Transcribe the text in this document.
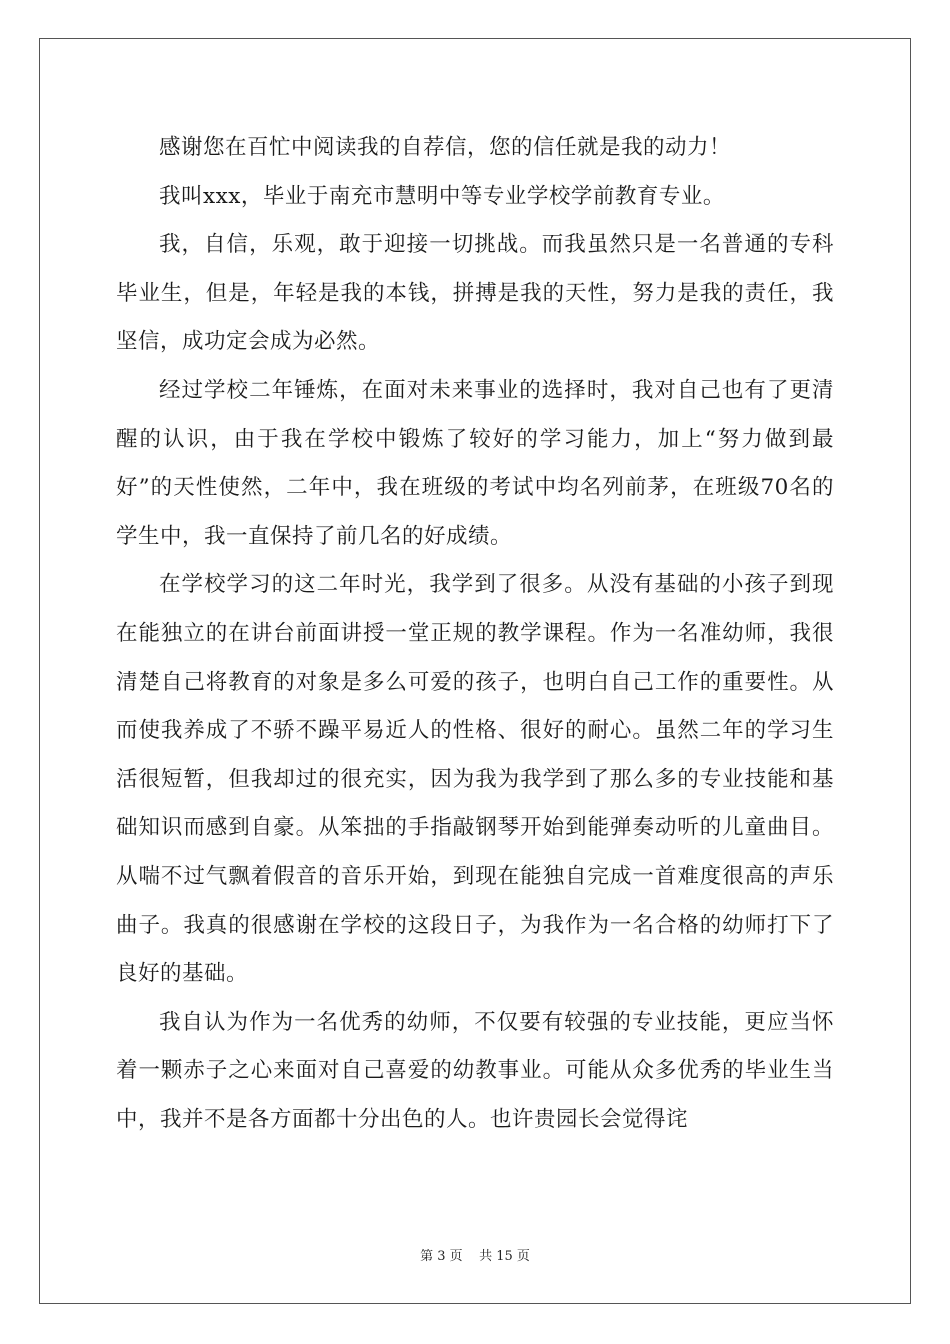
感谢您在百忙中阅读我的自荐信，您的信任就是我的动力！

我叫xxx，毕业于南充市慧明中等专业学校学前教育专业。

我，自信，乐观，敢于迎接一切挑战。而我虽然只是一名普通的专科毕业生，但是，年轻是我的本钱，拼搏是我的天性，努力是我的责任，我坚信，成功定会成为必然。

经过学校二年锤炼，在面对未来事业的选择时，我对自己也有了更清醒的认识，由于我在学校中锻炼了较好的学习能力，加上“努力做到最好”的天性使然，二年中，我在班级的考试中均名列前茅，在班级70名的学生中，我一直保持了前几名的好成绩。

在学校学习的这二年时光，我学到了很多。从没有基础的小孩子到现在能独立的在讲台前面讲授一堂正规的教学课程。作为一名准幼师，我很清楚自己将教育的对象是多么可爱的孩子，也明白自己工作的重要性。从而使我养成了不骄不躁平易近人的性格、很好的耐心。虽然二年的学习生活很短暂，但我却过的很充实，因为我为我学到了那么多的专业技能和基础知识而感到自豪。从笨拙的手指敲钢琴开始到能弹奏动听的儿童曲目。从喘不过气飘着假音的音乐开始，到现在能独自完成一首难度很高的声乐曲子。我真的很感谢在学校的这段日子，为我作为一名合格的幼师打下了良好的基础。

我自认为作为一名优秀的幼师，不仅要有较强的专业技能，更应当怀着一颗赤子之心来面对自己喜爱的幼教事业。可能从众多优秀的毕业生当中，我并不是各方面都十分出色的人。也许贵园长会觉得诧

第 3 页    共 15 页
